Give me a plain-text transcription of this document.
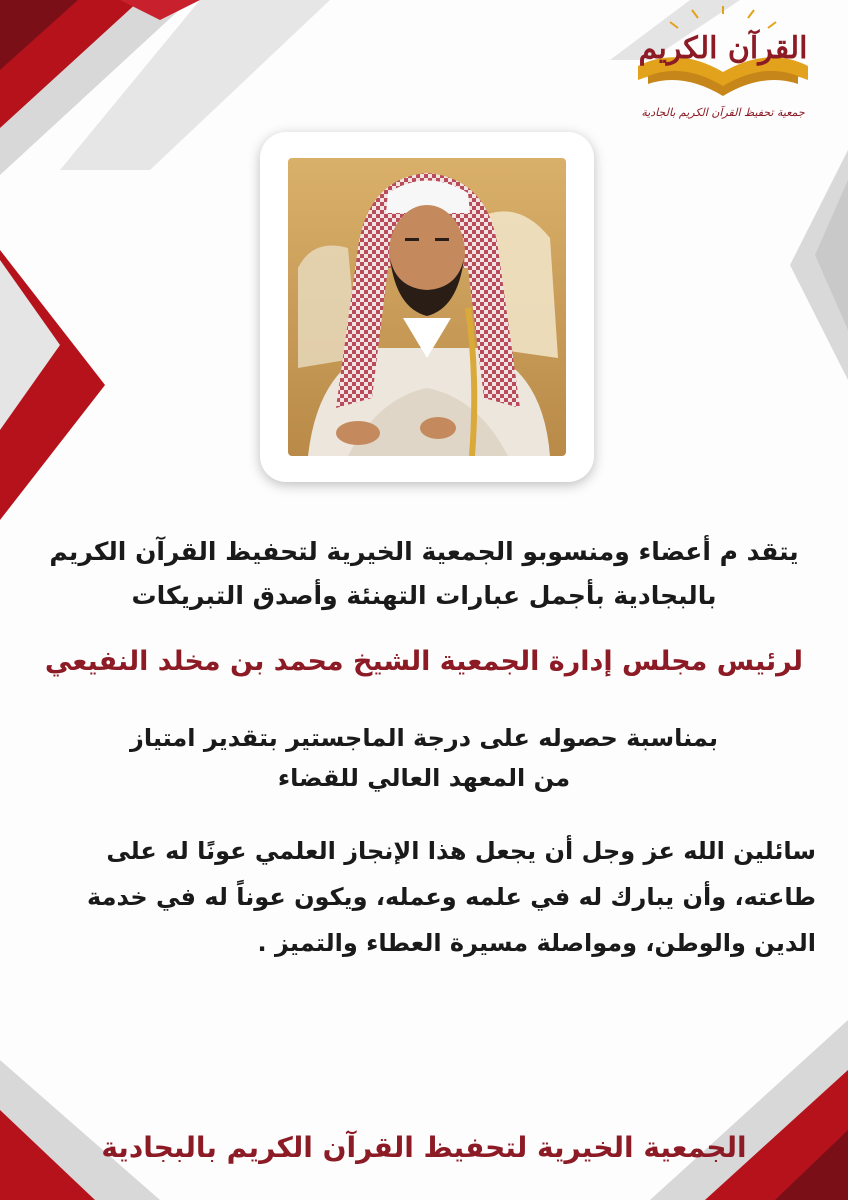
القرآن الكريم
جمعية تحفيظ القرآن الكريم بالجادية
يتقد م أعضاء ومنسوبو الجمعية الخيرية لتحفيظ القرآن الكريم
بالبجادية بأجمل عبارات التهنئة وأصدق التبريكات
لرئيس مجلس إدارة الجمعية الشيخ محمد بن مخلد النفيعي
بمناسبة حصوله على درجة الماجستير بتقدير امتياز
من المعهد العالي للقضاء
سائلين الله عز وجل أن يجعل هذا الإنجاز العلمي عونًا له على
طاعته، وأن يبارك له في علمه وعمله، ويكون عوناً له في خدمة
الدين والوطن، ومواصلة مسيرة العطاء والتميز .
الجمعية الخيرية لتحفيظ القرآن الكريم بالبجادية
